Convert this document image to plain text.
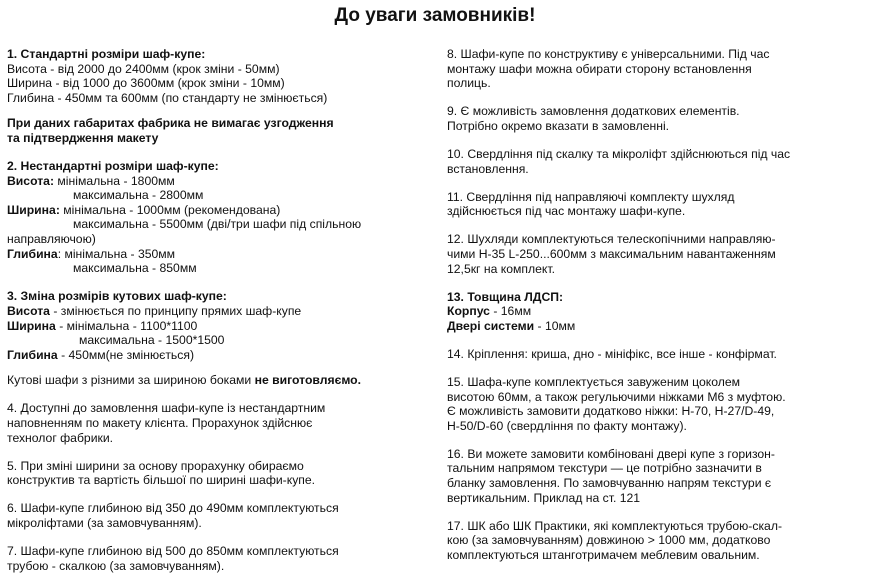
До уваги замовників!
1. Стандартні розміри шаф-купе:
Висота - від 2000 до 2400мм (крок зміни - 50мм)
Ширина - від 1000 до 3600мм (крок зміни - 10мм)
Глибина - 450мм та 600мм (по стандарту не змінюється)
При даних габаритах фабрика не вимагає узгодження
та підтвердження макету
2. Нестандартні розміри шаф-купе:
Висота: мінімальна - 1800мм
максимальна - 2800мм
Ширина: мінімальна - 1000мм (рекомендована)
максимальна - 5500мм (дві/три шафи під спільною
направляючою)
Глибина: мінімальна - 350мм
максимальна - 850мм
3. Зміна розмірів кутових шаф-купе:
Висота - змінюється по принципу прямих шаф-купе
Ширина - мінімальна - 1100*1100
максимальна - 1500*1500
Глибина - 450мм(не змінюється)
Кутові шафи з різними за шириною боками не виготовляємо.
4. Доступні до замовлення шафи-купе із нестандартним
наповненням по макету клієнта. Прорахунок здійснює
технолог фабрики.
5. При зміні ширини за основу прорахунку обираємо
конструктив та вартість більшої по ширині шафи-купе.
6. Шафи-купе глибиною від 350 до 490мм комплектуються
мікроліфтами (за замовчуванням).
7. Шафи-купе глибиною від 500 до 850мм комплектуються
трубою - скалкою (за замовчуванням).
8. Шафи-купе по конструктиву є універсальними. Під час
монтажу шафи можна обирати сторону встановлення
полиць.
9. Є можливість замовлення додаткових елементів.
Потрібно окремо вказати в замовленні.
10. Свердління під скалку та мікроліфт здійснюються під час
встановлення.
11. Свердління під направляючі комплекту шухляд
здійснюється під час монтажу шафи-купе.
12. Шухляди комплектуються телескопічними направляю-
чими Н-35 L-250...600мм з максимальним навантаженням
12,5кг на комплект.
13. Товщина ЛДСП:
Корпус - 16мм
Двері системи - 10мм
14. Кріплення: криша, дно - мініфікс, все інше - конфірмат.
15. Шафа-купе комплектується завуженим цоколем
висотою 60мм, а також регульючими ніжками М6 з муфтою.
Є можливість замовити додатково ніжки: Н-70, Н-27/D-49,
Н-50/D-60 (свердління по факту монтажу).
16. Ви можете замовити комбіновані двері купе з горизон-
тальним напрямом текстури — це потрібно зазначити в
бланку замовлення. По замовчуванню напрям текстури є
вертикальним. Приклад на ст. 121
17. ШК або ШК Практики, які комплектуються трубою-скал-
кою (за замовчуванням) довжиною > 1000 мм, додатково
комплектуються штанготримачем меблевим овальним.
